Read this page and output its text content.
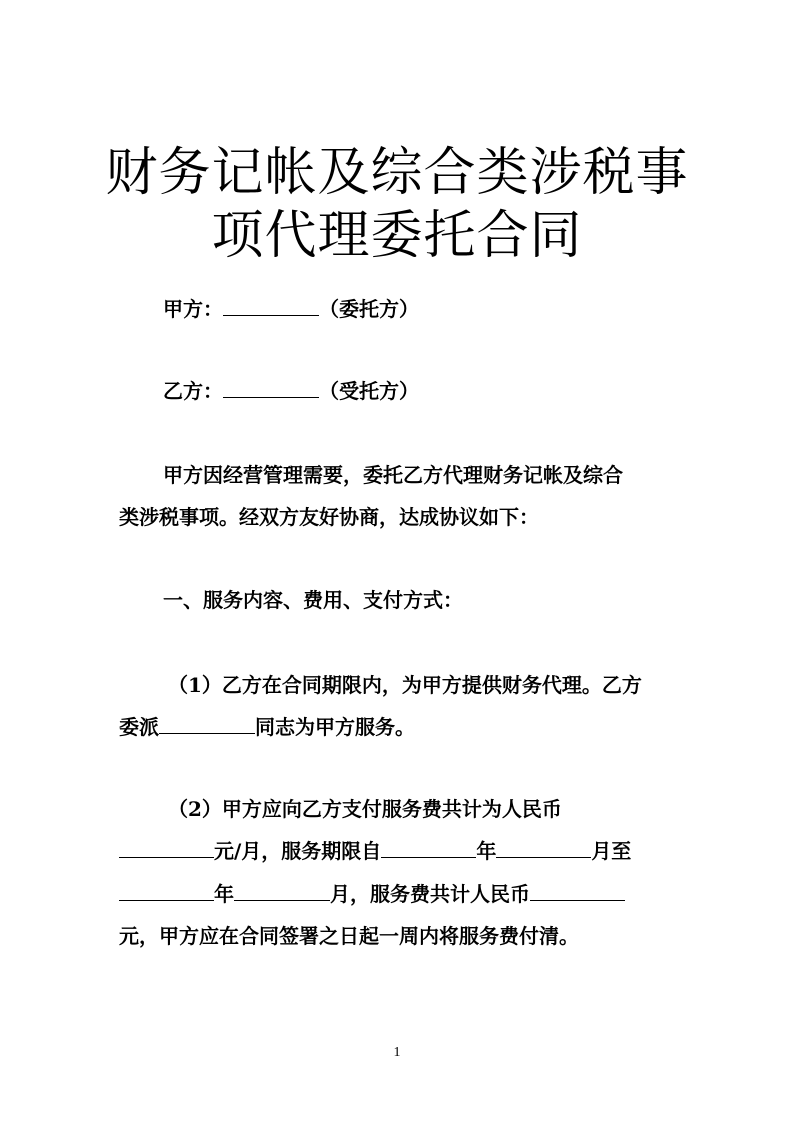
财务记帐及综合类涉税事
项代理委托合同
甲方：	（委托方）
乙方：	（受托方）
甲方因经营管理需要，委托乙方代理财务记帐及综合
类涉税事项。经双方友好协商，达成协议如下：
一、服务内容、费用、支付方式：
（1）乙方在合同期限内，为甲方提供财务代理。乙方
委派	同志为甲方服务。
（2）甲方应向乙方支付服务费共计为人民币
元/月，服务期限自	年	月至
年	月，服务费共计人民币
元，甲方应在合同签署之日起一周内将服务费付清。
1
